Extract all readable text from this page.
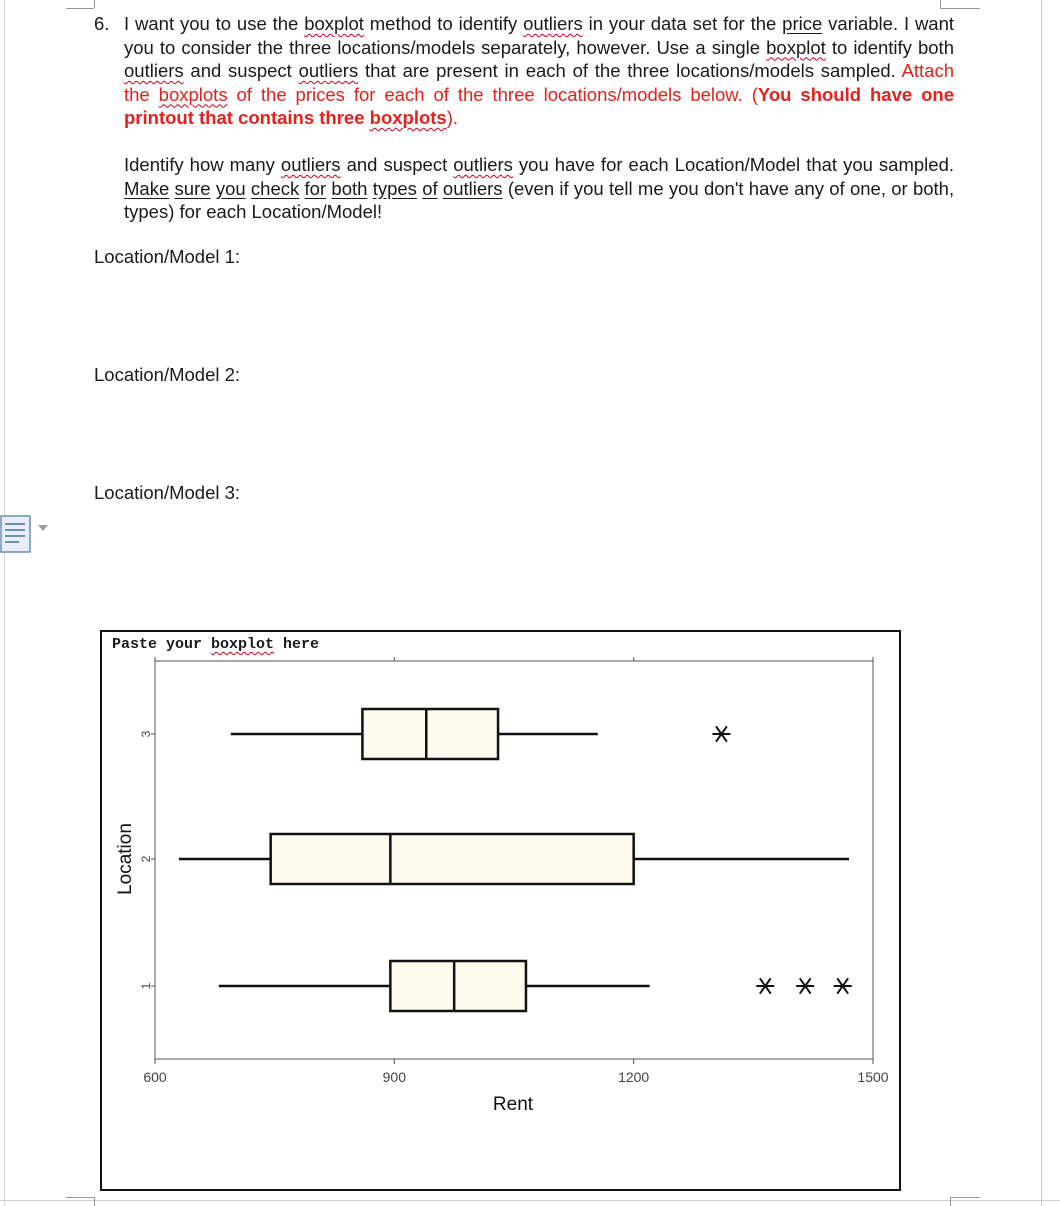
6. I want you to use the boxplot method to identify outliers in your data set for the price variable. I want you to consider the three locations/models separately, however. Use a single boxplot to identify both outliers and suspect outliers that are present in each of the three locations/models sampled. Attach the boxplots of the prices for each of the three locations/models below. (You should have one printout that contains three boxplots).
Identify how many outliers and suspect outliers you have for each Location/Model that you sampled. Make sure you check for both types of outliers (even if you tell me you don't have any of one, or both, types) for each Location/Model!
Location/Model 1:
Location/Model 2:
Location/Model 3:
Paste your boxplot here
600	900	1200	1500
1
2
3
Rent
Location
